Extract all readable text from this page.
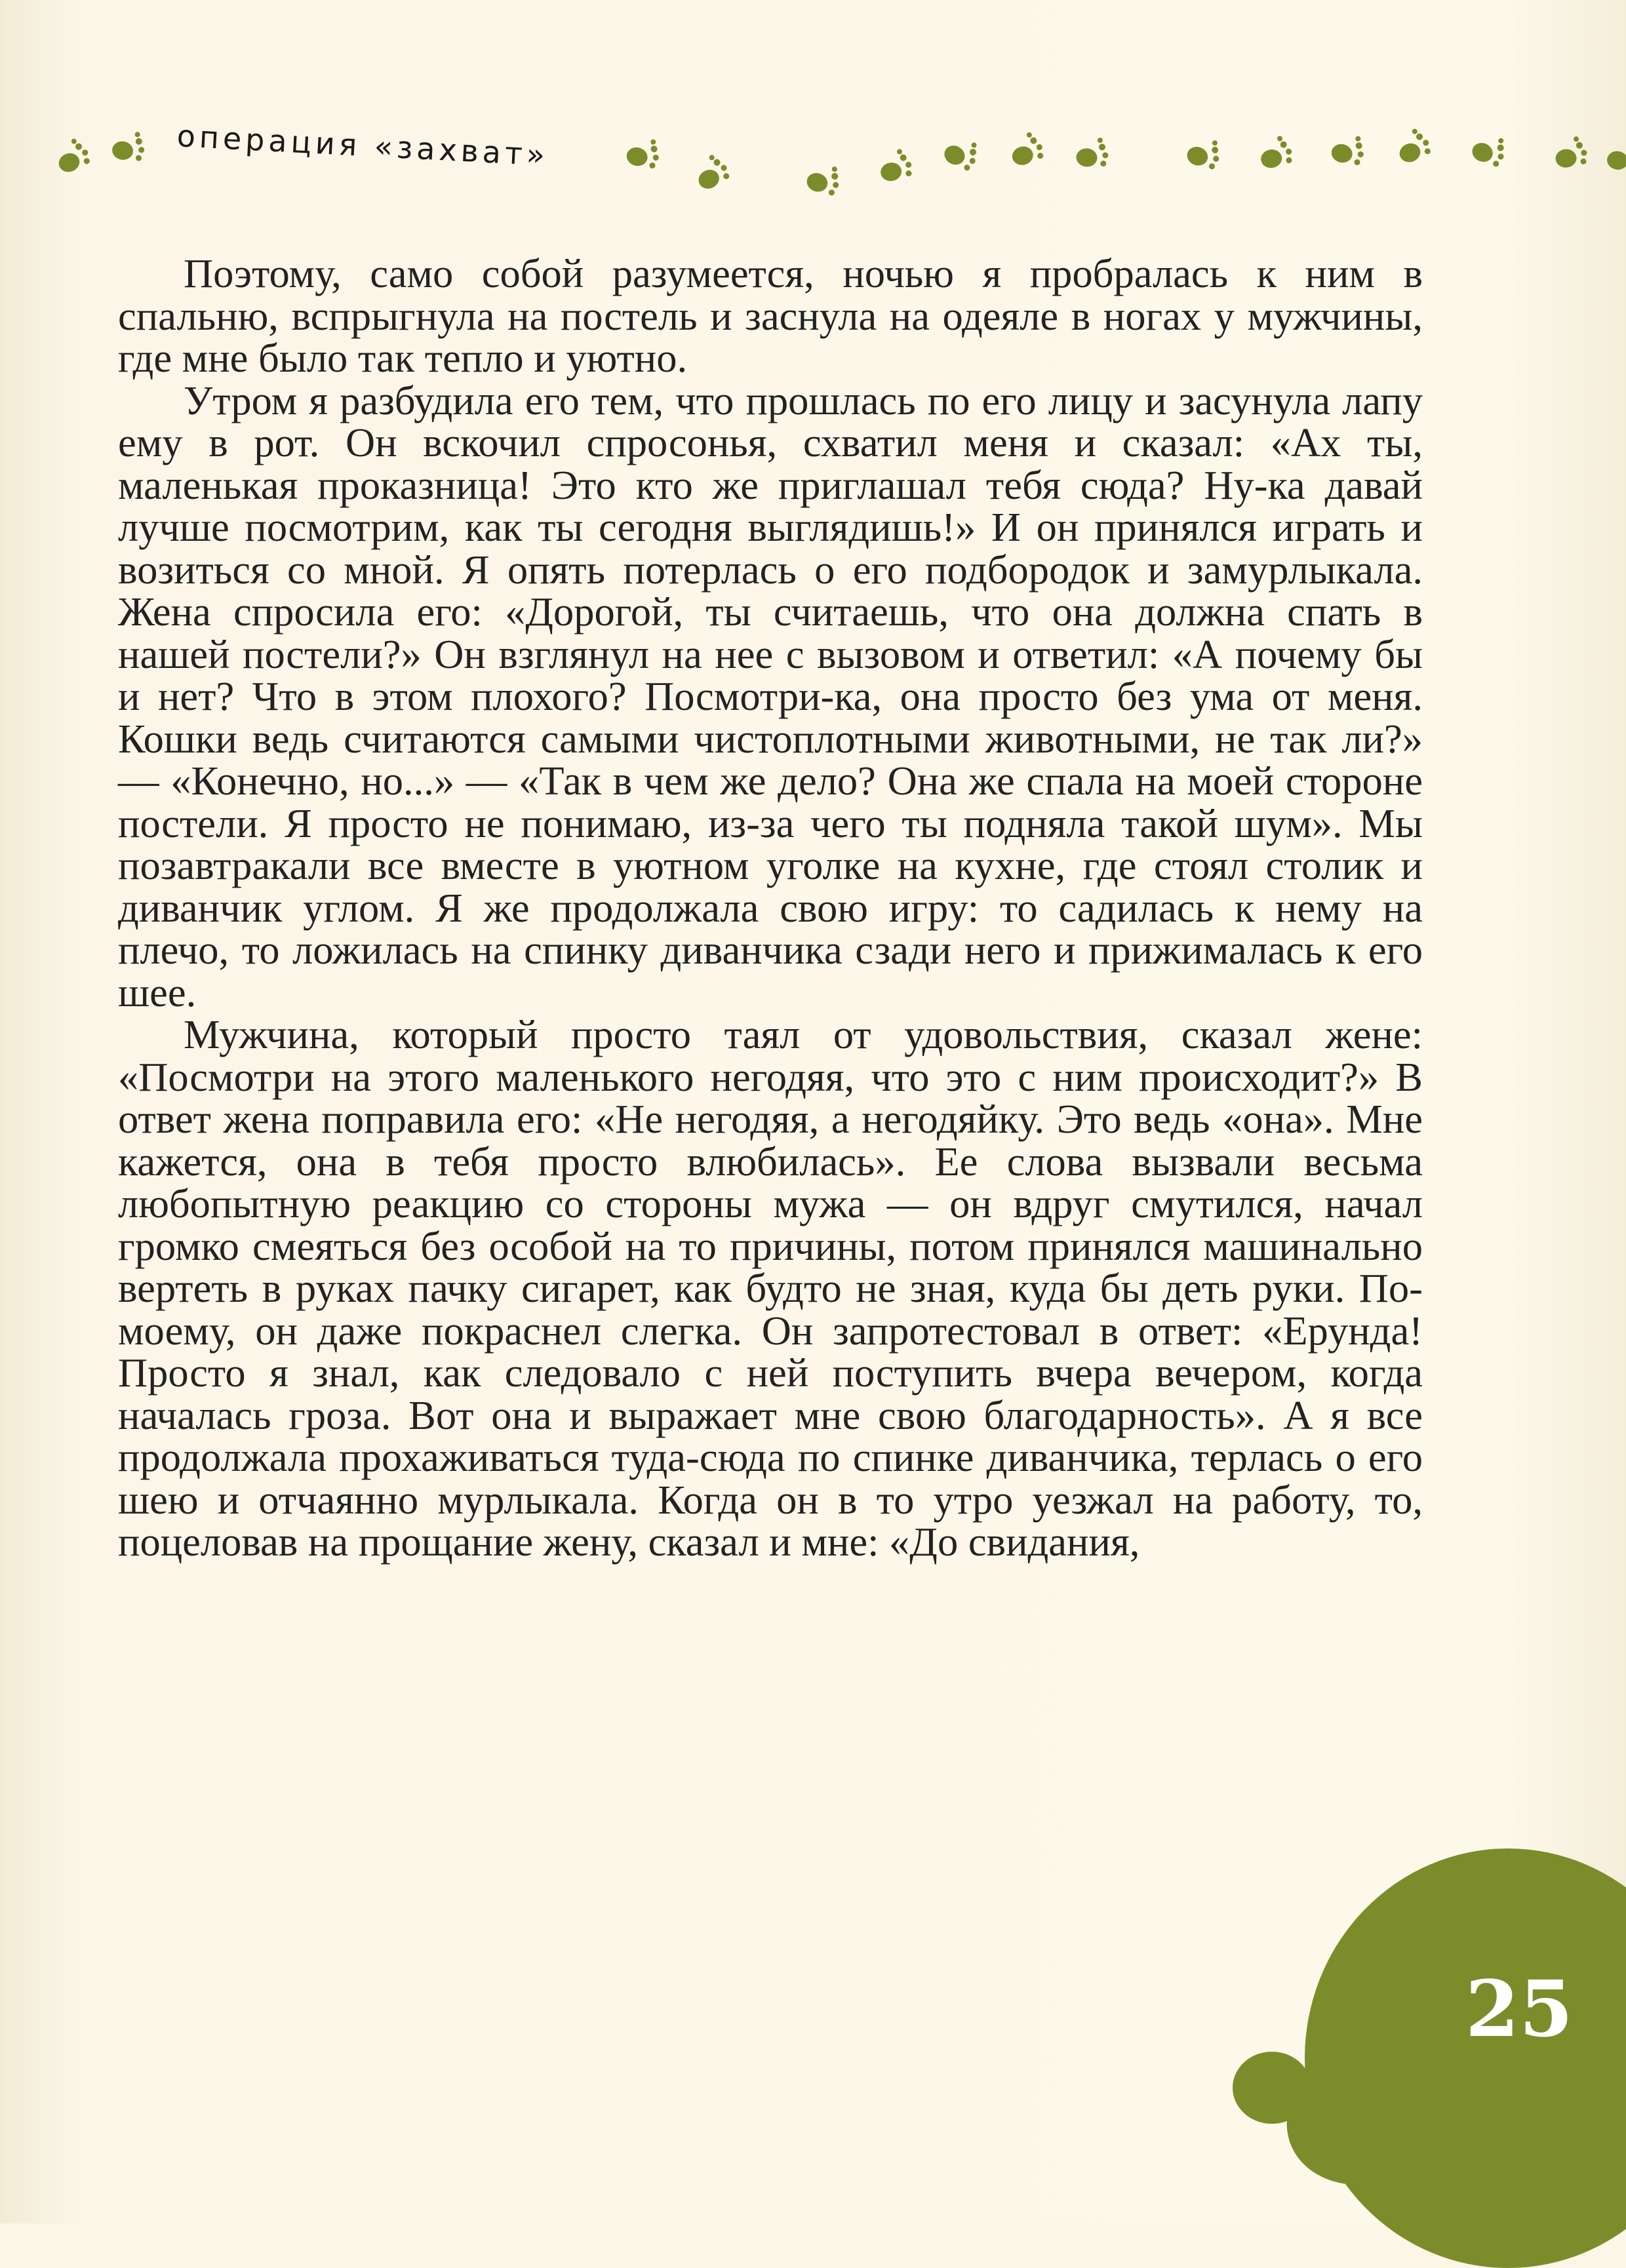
операция «захват»
25

Поэтому, само собой разумеется, ночью я пробралась к ним в спальню, вспрыгнула на постель и заснула на одеяле в ногах у мужчины, где мне было так тепло и уютно.

Утром я разбудила его тем, что прошлась по его лицу и засунула лапу ему в рот. Он вскочил спросонья, схватил меня и сказал: «Ах ты, маленькая проказница! Это кто же приглашал тебя сюда? Ну-ка давай лучше посмотрим, как ты сегодня выглядишь!» И он принялся играть и возиться со мной. Я опять потерлась о его подбородок и замурлыкала. Жена спросила его: «Дорогой, ты считаешь, что она должна спать в нашей постели?» Он взглянул на нее с вызовом и ответил: «А почему бы и нет? Что в этом плохого? Посмотри-ка, она просто без ума от меня. Кошки ведь считаются самыми чистоплотными животными, не так ли?» — «Конечно, но...» — «Так в чем же дело? Она же спала на моей стороне постели. Я просто не понимаю, из-за чего ты подняла такой шум». Мы позавтракали все вместе в уютном уголке на кухне, где стоял столик и диванчик углом. Я же продолжала свою игру: то садилась к нему на плечо, то ложилась на спинку диванчика сзади него и прижималась к его шее.

Мужчина, который просто таял от удовольствия, сказал жене: «Посмотри на этого маленького негодяя, что это с ним происходит?» В ответ жена поправила его: «Не негодяя, а негодяйку. Это ведь «она». Мне кажется, она в тебя просто влюбилась». Ее слова вызвали весьма любопытную реакцию со стороны мужа — он вдруг смутился, начал громко смеяться без особой на то причины, потом принялся машинально вертеть в руках пачку сигарет, как будто не зная, куда бы деть руки. По-моему, он даже покраснел слегка. Он запротестовал в ответ: «Ерунда! Просто я знал, как следовало с ней поступить вчера вечером, когда началась гроза. Вот она и выражает мне свою благодарность». А я все продолжала прохаживаться туда-сюда по спинке диванчика, терлась о его шею и отчаянно мурлыкала. Когда он в то утро уезжал на работу, то, поцеловав на прощание жену, сказал и мне: «До свидания,
